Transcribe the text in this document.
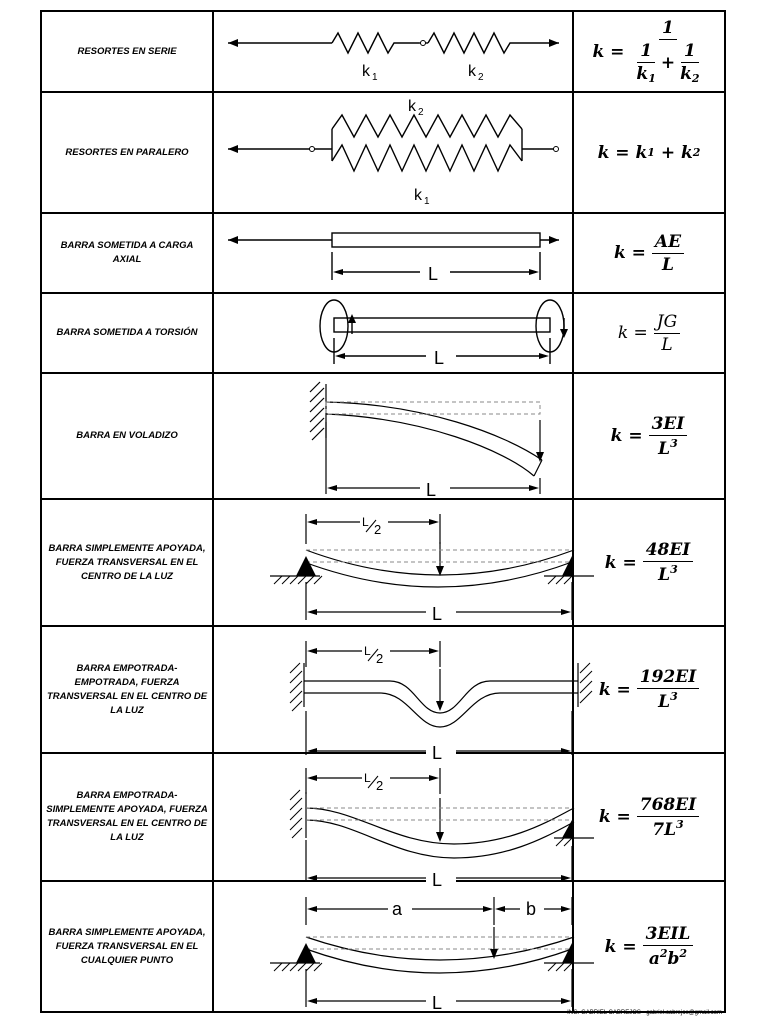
RESORTES EN SERIE
k 1	k 2
k
= $\frac{1}{\frac{1}{k_1} + \frac{1}{k_2}}$
RESORTES EN PARALERO
k 2
k 1
k
=
k 1
+
k 2
BARRA SOMETIDA A CARGA AXIAL
L
k
= $\frac{AE}{L}$
BARRA SOMETIDA A TORSIÓN
L
k
= $\frac{JG}{L}$
BARRA EN VOLADIZO
L
k
= $\frac{3EI}{L^3}$
BARRA SIMPLEMENTE APOYADA, FUERZA TRANSVERSAL EN EL CENTRO DE LA LUZ
L 2
L
k
= $\frac{48EI}{L^3}$
BARRA EMPOTRADA-EMPOTRADA, FUERZA TRANSVERSAL EN EL CENTRO DE LA LUZ
L 2
L
k
= $\frac{192EI}{L^3}$
BARRA EMPOTRADA-SIMPLEMENTE APOYADA, FUERZA TRANSVERSAL EN EL CENTRO DE LA LUZ
L 2
L
k
= $\frac{768EI}{7L^3}$
BARRA SIMPLEMENTE APOYADA, FUERZA TRANSVERSAL EN EL CUALQUIER PUNTO
a	b
L
k
= $\frac{\text{3EIL}}{a^2b^2}$
ING. GABRIEL CABREJOS - gabriel.cabrejos@gmail.com
